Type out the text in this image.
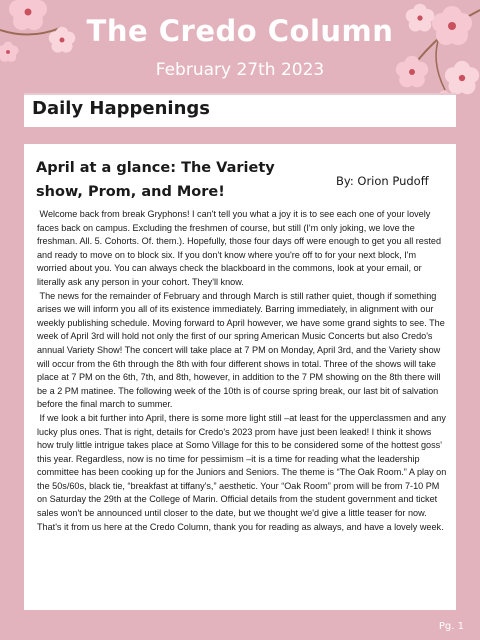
The Credo Column
February 27th 2023
Daily Happenings
April at a glance: The Variety show, Prom, and More!
By: Orion Pudoff

Welcome back from break Gryphons! I can't tell you what a joy it is to see each one of your lovely faces back on campus. Excluding the freshmen of course, but still (I'm only joking, we love the freshman. All. 5. Cohorts. Of. them.). Hopefully, those four days off were enough to get you all rested and ready to move on to block six. If you don't know where you're off to for your next block, I'm worried about you. You can always check the blackboard in the commons, look at your email, or literally ask any person in your cohort. They'll know.

The news for the remainder of February and through March is still rather quiet, though if something arises we will inform you all of its existence immediately. Barring immediately, in alignment with our weekly publishing schedule. Moving forward to April however, we have some grand sights to see. The week of April 3rd will hold not only the first of our spring American Music Concerts but also Credo's annual Variety Show! The concert will take place at 7 PM on Monday, April 3rd, and the Variety show will occur from the 6th through the 8th with four different shows in total. Three of the shows will take place at 7 PM on the 6th, 7th, and 8th, however, in addition to the 7 PM showing on the 8th there will be a 2 PM matinee. The following week of the 10th is of course spring break, our last bit of salvation before the final march to summer.

If we look a bit further into April, there is some more light still –at least for the upperclassmen and any lucky plus ones. That is right, details for Credo's 2023 prom have just been leaked! I think it shows how truly little intrigue takes place at Somo Village for this to be considered some of the hottest goss' this year. Regardless, now is no time for pessimism –it is a time for reading what the leadership committee has been cooking up for the Juniors and Seniors. The theme is “The Oak Room.” A play on the 50s/60s, black tie, “breakfast at tiffany's,” aesthetic. Your “Oak Room” prom will be from 7-10 PM on Saturday the 29th at the College of Marin. Official details from the student government and ticket sales won't be announced until closer to the date, but we thought we'd give a little teaser for now. That's it from us here at the Credo Column, thank you for reading as always, and have a lovely week.

Pg. 1
